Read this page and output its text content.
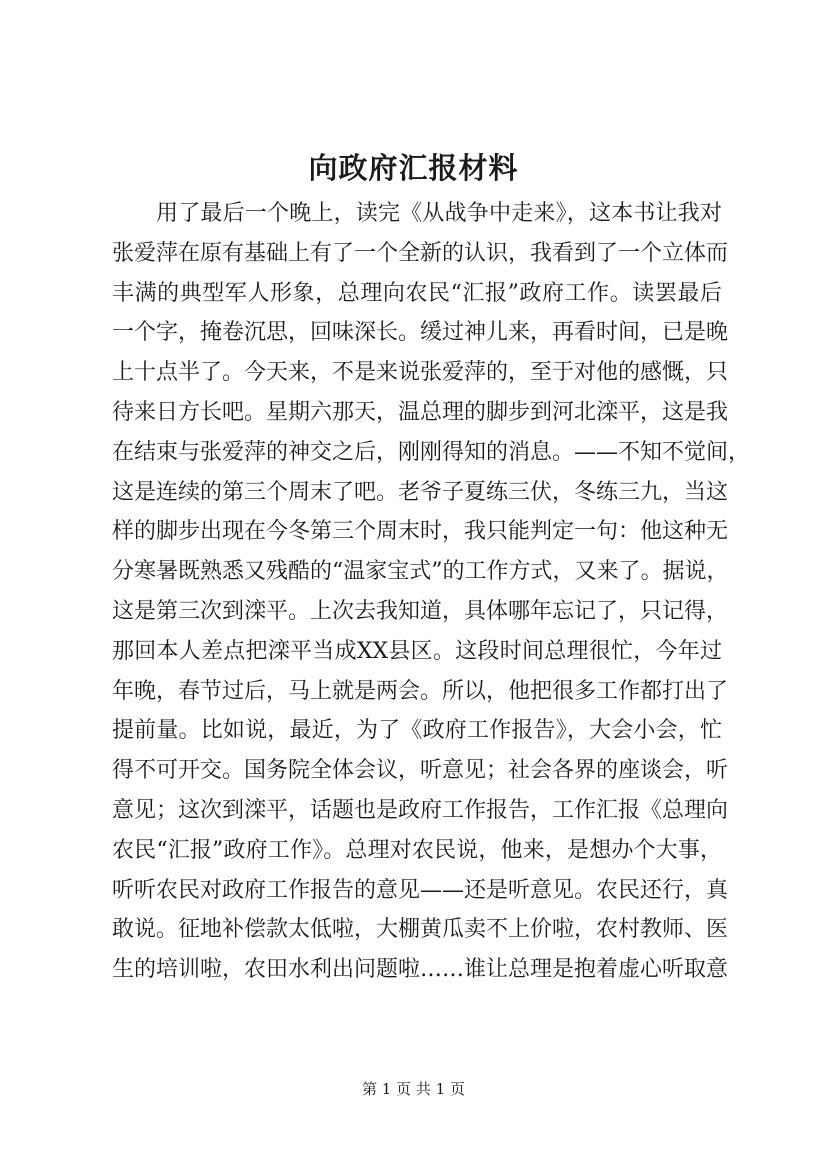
向政府汇报材料
用了最后一个晚上，读完《从战争中走来》，这本书让我对
张爱萍在原有基础上有了一个全新的认识，我看到了一个立体而
丰满的典型军人形象，总理向农民“汇报”政府工作。读罢最后
一个字，掩卷沉思，回味深长。缓过神儿来，再看时间，已是晚
上十点半了。今天来，不是来说张爱萍的，至于对他的感慨，只
待来日方长吧。星期六那天，温总理的脚步到河北滦平，这是我
在结束与张爱萍的神交之后，刚刚得知的消息。——不知不觉间，
这是连续的第三个周末了吧。老爷子夏练三伏，冬练三九，当这
样的脚步出现在今冬第三个周末时，我只能判定一句：他这种无
分寒暑既熟悉又残酷的“温家宝式”的工作方式，又来了。据说，
这是第三次到滦平。上次去我知道，具体哪年忘记了，只记得，
那回本人差点把滦平当成XX县区。这段时间总理很忙，今年过
年晚，春节过后，马上就是两会。所以，他把很多工作都打出了
提前量。比如说，最近，为了《政府工作报告》，大会小会，忙
得不可开交。国务院全体会议，听意见；社会各界的座谈会，听
意见；这次到滦平，话题也是政府工作报告，工作汇报《总理向
农民“汇报”政府工作》。总理对农民说，他来，是想办个大事，
听听农民对政府工作报告的意见——还是听意见。农民还行，真
敢说。征地补偿款太低啦，大棚黄瓜卖不上价啦，农村教师、医
生的培训啦，农田水利出问题啦……谁让总理是抱着虚心听取意
第 1 页 共 1 页
